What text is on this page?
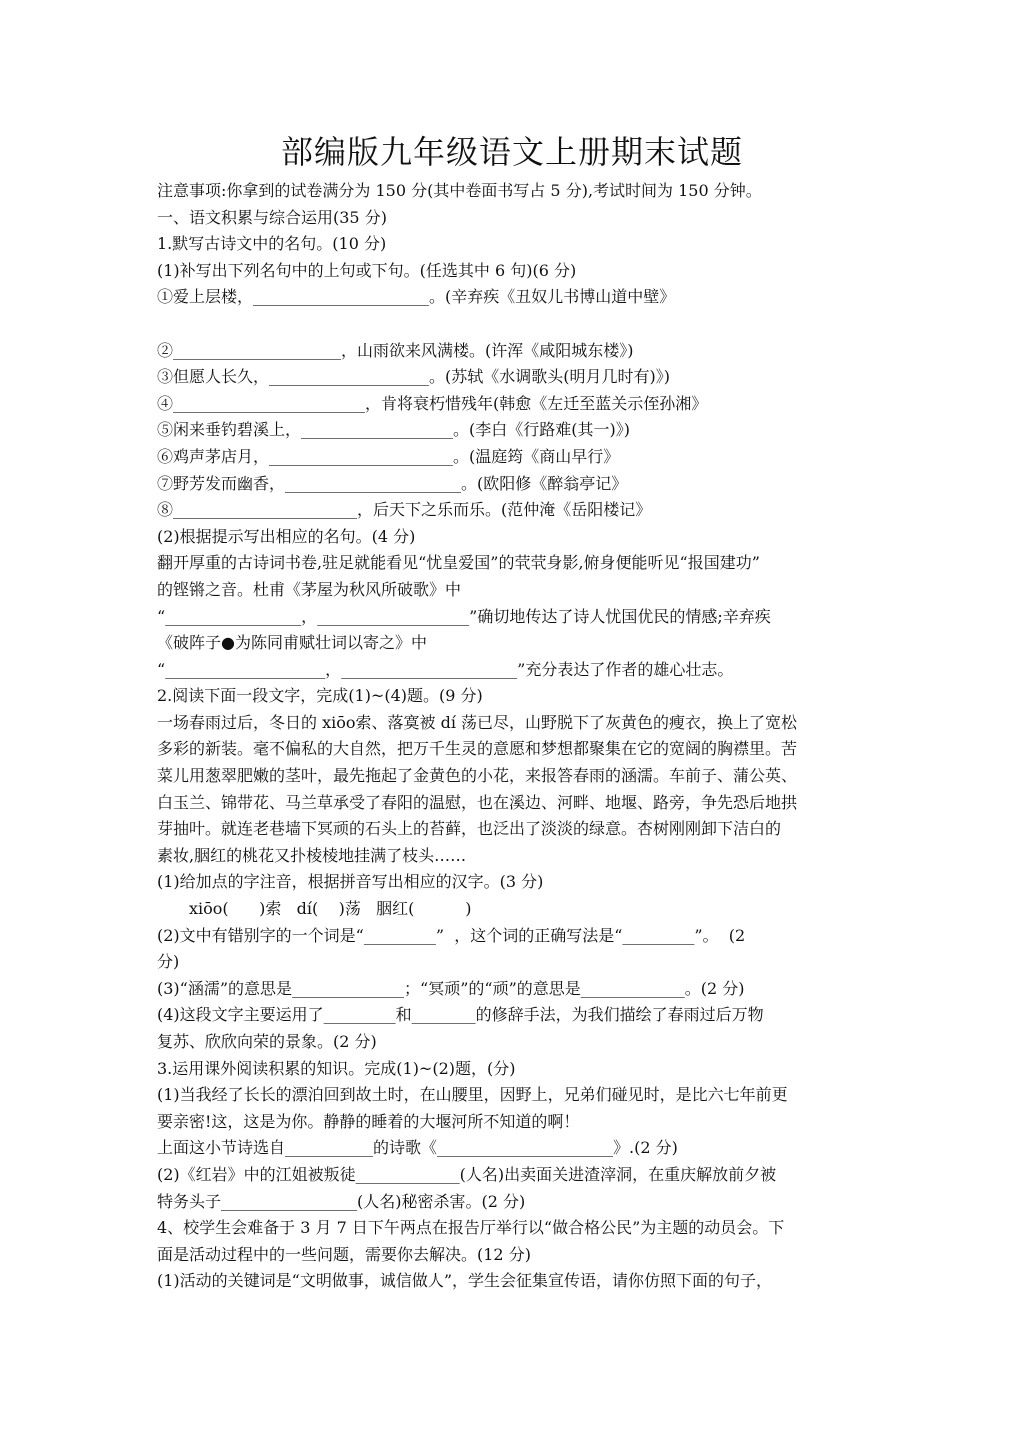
部编版九年级语文上册期末试题
注意事项:你拿到的试卷满分为 150 分(其中卷面书写占 5 分),考试时间为 150 分钟。
一、语文积累与综合运用(35 分)
1.默写古诗文中的名句。(10 分)
(1)补写出下列名句中的上句或下句。(任选其中 6 句)(6 分)
①爱上层楼，______________________。(辛弃疾《丑奴儿书博山道中壁》
②_____________________，山雨欲来风满楼。(许浑《咸阳城东楼》)
③但愿人长久，____________________。(苏轼《水调歌头(明月几时有)》)
④________________________，肯将衰朽惜残年(韩愈《左迁至蓝关示侄孙湘》
⑤闲来垂钓碧溪上，___________________。(李白《行路难(其一)》)
⑥鸡声茅店月，_______________________。(温庭筠《商山早行》
⑦野芳发而幽香，______________________。(欧阳修《醉翁亭记》
⑧_______________________，后天下之乐而乐。(范仲淹《岳阳楼记》
(2)根据提示写出相应的名句。(4 分)
翻开厚重的古诗词书卷,驻足就能看见“忧皇爱国”的茕茕身影,俯身便能听见“报国建功”
的铿锵之音。杜甫《茅屋为秋风所破歌》中
“_________________，___________________”确切地传达了诗人忧国优民的情感;辛弃疾
《破阵子●为陈同甫赋壮词以寄之》中
“____________________，______________________”充分表达了作者的雄心壮志。
2.阅读下面一段文字，完成(1)~(4)题。(9 分)
一场春雨过后，冬日的 xiōo索、落寞被 dí 荡已尽，山野脱下了灰黄色的瘦衣，换上了宽松
多彩的新装。毫不偏私的大自然，把万千生灵的意愿和梦想都聚集在它的宽阔的胸襟里。苦
菜儿用葱翠肥嫩的茎叶，最先拖起了金黄色的小花，来报答春雨的涵濡。车前子、蒲公英、
白玉兰、锦带花、马兰草承受了春阳的温慰，也在溪边、河畔、地堰、路旁，争先恐后地拱
芽抽叶。就连老巷墙下冥顽的石头上的苔藓，也泛出了淡淡的绿意。杏树刚刚卸下洁白的
素妆,胭红的桃花又扑棱棱地挂满了枝头……
(1)给加点的字注音，根据拼音写出相应的汉字。(3 分)
xiōo(      )索   dí(    )荡   胭红(          )
(2)文中有错别字的一个词是“_________”  ，这个词的正确写法是“_________”。  (2
分)
(3)“涵濡”的意思是______________；“冥顽”的“顽”的意思是_____________。(2 分)
(4)这段文字主要运用了_________和________的修辞手法，为我们描绘了春雨过后万物
复苏、欣欣向荣的景象。(2 分)
3.运用课外阅读积累的知识。完成(1)~(2)题，(分)
(1)当我经了长长的漂泊回到故土时，在山腰里，因野上，兄弟们碰见时，是比六七年前更
要亲密!这，这是为你。静静的睡着的大堰河所不知道的啊！
上面这小节诗选自___________的诗歌《______________________》.(2 分)
(2)《红岩》中的江姐被叛徒_____________(人名)出卖面关进渣滓洞，在重庆解放前夕被
特务头子_________________(人名)秘密杀害。(2 分)
4、校学生会难备于 3 月 7 日下午两点在报告厅举行以“做合格公民”为主题的动员会。下
面是活动过程中的一些问题，需要你去解决。(12 分)
(1)活动的关键词是“文明做事，诚信做人”，学生会征集宣传语，请你仿照下面的句子，
